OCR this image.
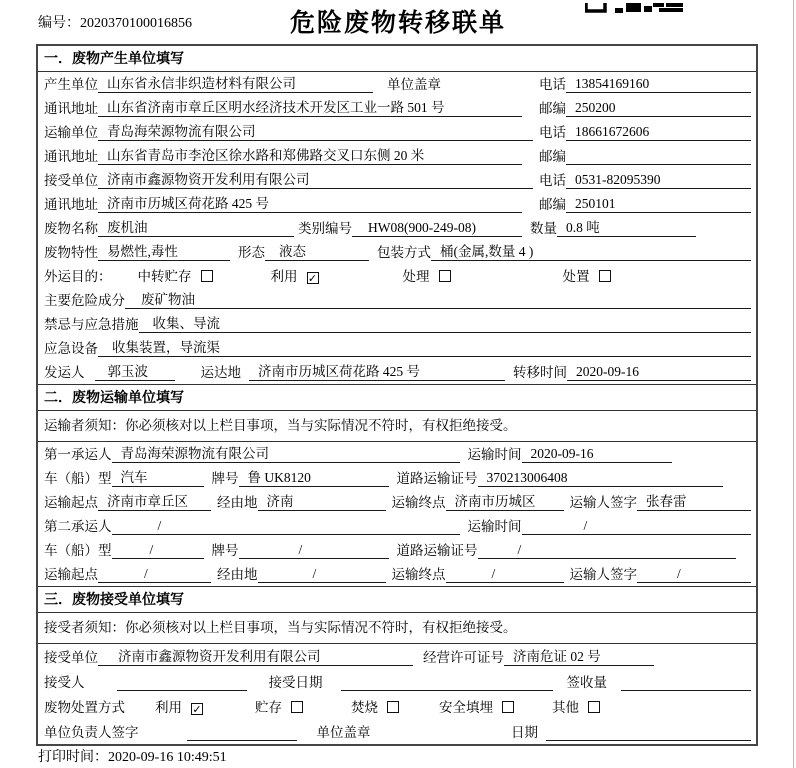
编号：2020370100016856	危险废物转移联单
一．废物产生单位填写
产生单位 山东省永信非织造材料有限公司	单位盖章	电话 13854169160
通讯地址 山东省济南市章丘区明水经济技术开发区工业一路 501 号	邮编 250200
运输单位 青岛海荣源物流有限公司	电话 18661672606
通讯地址 山东省青岛市李沧区徐水路和郑佛路交叉口东侧 20 米	邮编
接受单位 济南市鑫源物资开发利用有限公司	电话 0531-82095390
通讯地址 济南市历城区荷花路 425 号	邮编 250101
废物名称 废机油	类别编号	HW08(900-249-08)	数量 0.8 吨
废物特性 易燃性,毒性	形态	液态	包装方式 桶(金属,数量 4 )
外运目的： 中转贮存	利用 ✓	处理	处置
主要危险成分	废矿物油
禁忌与应急措施	收集、导流
应急设备	收集装置，导流渠
发运人	郭玉波	运达地	济南市历城区荷花路 425 号	转移时间 2020-09-16
二．废物运输单位填写
运输者须知：你必须核对以上栏目事项，当与实际情况不符时，有权拒绝接受。
第一承运人 青岛海荣源物流有限公司	运输时间 2020-09-16
车（船）型 汽车	牌号 鲁 UK8120	道路运输证号 370213006408
运输起点 济南市章丘区	经由地 济南	运输终点 济南市历城区	运输人签字 张春雷
第二承运人	/	运输时间	/
车（船）型	/	牌号	/	道路运输证号	/
运输起点	/	经由地	/	运输终点	/	运输人签字	/
三．废物接受单位填写
接受者须知：你必须核对以上栏目事项，当与实际情况不符时，有权拒绝接受。
接受单位	济南市鑫源物资开发利用有限公司	经营许可证号 济南危证 02 号
接受人	接受日期	签收量
废物处置方式 利用 ✓	贮存	焚烧	安全填埋	其他
单位负责人签字	单位盖章	日期
打印时间：2020-09-16 10:49:51
